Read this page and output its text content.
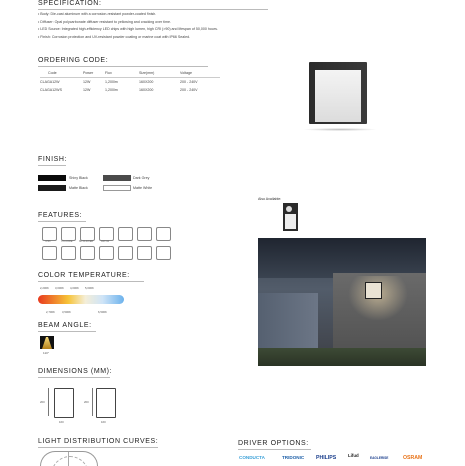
SPECIFICATION:
• Body: Die-cast aluminum with a corrosion-resistant powder-coated finish.
• Diffuser: Opal polycarbonate diffuser resistant to yellowing and cracking over time.
• LED Source: Integrated high-efficiency LED chips with high lumen, high CRI (>90) and lifespan of 50,000 hours.
• Finish: Corrosion protection and UV-resistant powder coating or marine coat with IP66 Sealed.
ORDERING CODE:
Code	Power	Flux	Size(mm)	Voltage
CLAGA12W	12W	1,200lm	160X200	200 - 240V
CLAGA12WS	12W	1,200lm	160X200	200 - 240V
FINISH:
Shiny Black	Dark Grey
Matte Black	Matte White
Also Available:
FEATURES:
IP66	PC-CORE	NO FLICKER	CRI>90
COLOR TEMPERATURE:
2,200K 3,000K 4,000K 5,000K
2,700K	3,500K	6,500K
BEAM ANGLE:
110°
DIMENSIONS (MM):
200
160
200
160
LIGHT DISTRIBUTION CURVES:	DRIVER OPTIONS:
CONDUCTA	TRIDONIC PHILIPS	Lifud	EAGLERISE	OSRAM
